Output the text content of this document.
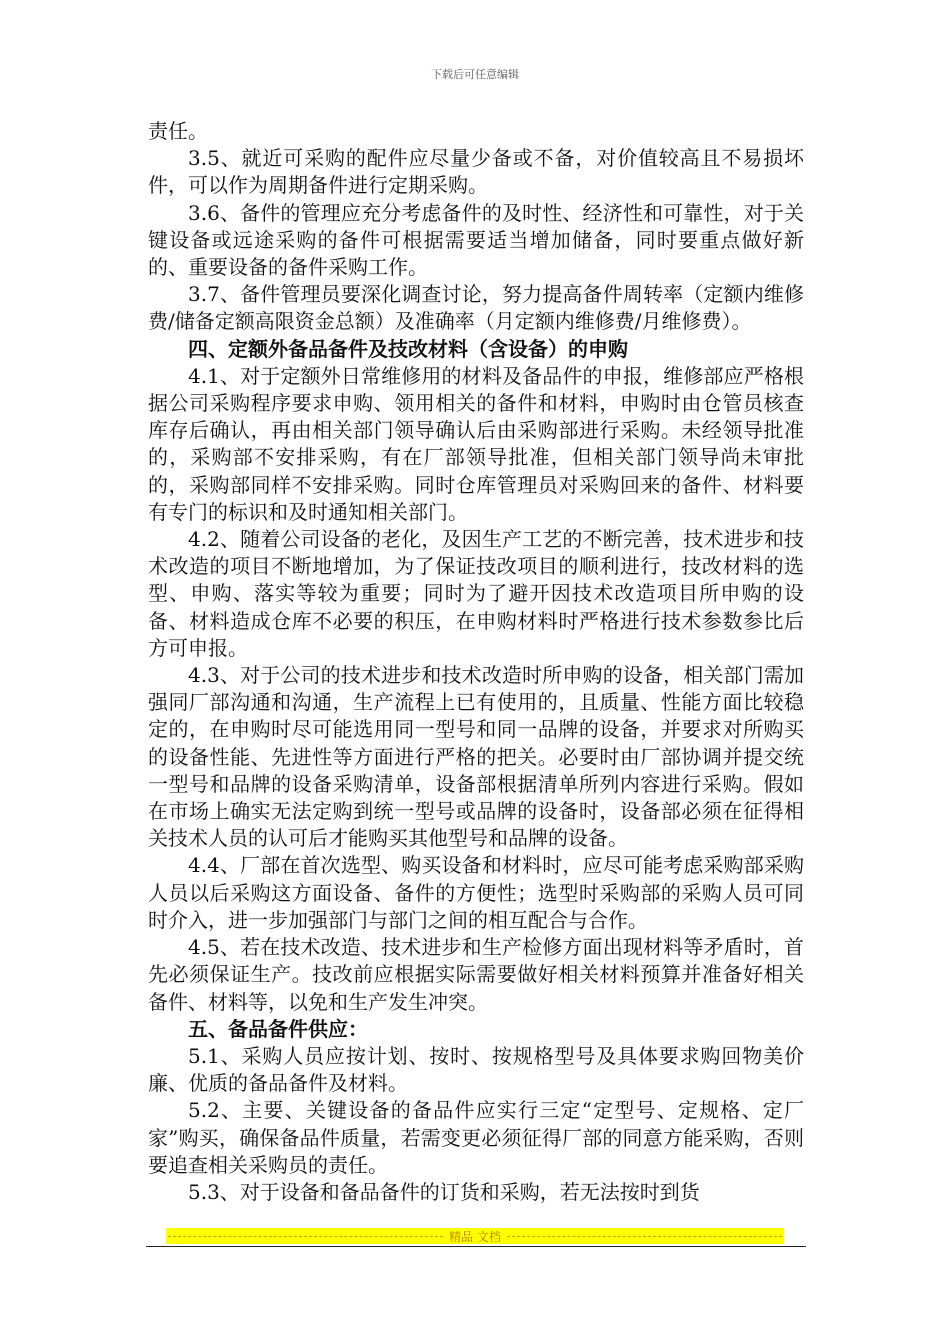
下载后可任意编辑

责任。

3.5、就近可采购的配件应尽量少备或不备，对价值较高且不易损坏件，可以作为周期备件进行定期采购。

3.6、备件的管理应充分考虑备件的及时性、经济性和可靠性，对于关键设备或远途采购的备件可根据需要适当增加储备，同时要重点做好新的、重要设备的备件采购工作。

3.7、备件管理员要深化调查讨论，努力提高备件周转率（定额内维修费/储备定额高限资金总额）及准确率（月定额内维修费/月维修费）。

四、定额外备品备件及技改材料（含设备）的申购

4.1、对于定额外日常维修用的材料及备品件的申报，维修部应严格根据公司采购程序要求申购、领用相关的备件和材料，申购时由仓管员核查库存后确认，再由相关部门领导确认后由采购部进行采购。未经领导批准的，采购部不安排采购，有在厂部领导批准，但相关部门领导尚未审批的，采购部同样不安排采购。同时仓库管理员对采购回来的备件、材料要有专门的标识和及时通知相关部门。

4.2、随着公司设备的老化，及因生产工艺的不断完善，技术进步和技术改造的项目不断地增加，为了保证技改项目的顺利进行，技改材料的选型、申购、落实等较为重要；同时为了避开因技术改造项目所申购的设备、材料造成仓库不必要的积压，在申购材料时严格进行技术参数参比后方可申报。

4.3、对于公司的技术进步和技术改造时所申购的设备，相关部门需加强同厂部沟通和沟通，生产流程上已有使用的，且质量、性能方面比较稳定的，在申购时尽可能选用同一型号和同一品牌的设备，并要求对所购买的设备性能、先进性等方面进行严格的把关。必要时由厂部协调并提交统一型号和品牌的设备采购清单，设备部根据清单所列内容进行采购。假如在市场上确实无法定购到统一型号或品牌的设备时，设备部必须在征得相关技术人员的认可后才能购买其他型号和品牌的设备。

4.4、厂部在首次选型、购买设备和材料时，应尽可能考虑采购部采购人员以后采购这方面设备、备件的方便性；选型时采购部的采购人员可同时介入，进一步加强部门与部门之间的相互配合与合作。

4.5、若在技术改造、技术进步和生产检修方面出现材料等矛盾时，首先必须保证生产。技改前应根据实际需要做好相关材料预算并准备好相关备件、材料等，以免和生产发生冲突。

五、备品备件供应：

5.1、采购人员应按计划、按时、按规格型号及具体要求购回物美价廉、优质的备品备件及材料。

5.2、主要、关键设备的备品件应实行三定“定型号、定规格、定厂家”购买，确保备品件质量，若需变更必须征得厂部的同意方能采购，否则要追查相关采购员的责任。

5.3、对于设备和备品备件的订货和采购，若无法按时到货

精品 文档
